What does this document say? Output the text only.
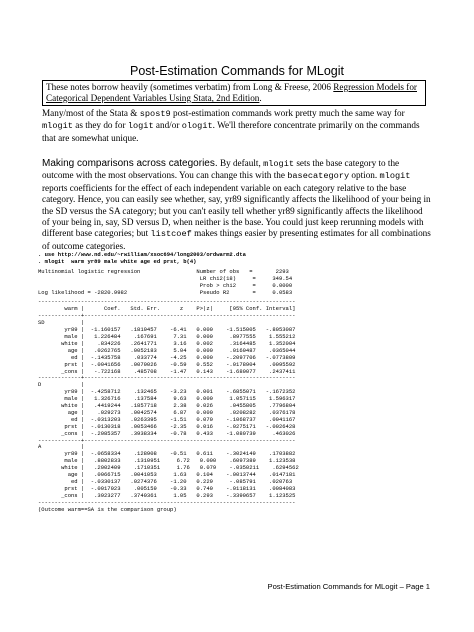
Post-Estimation Commands for MLogit
These notes borrow heavily (sometimes verbatim) from Long & Freese, 2006 Regression Models for Categorical Dependent Variables Using Stata, 2nd Edition.
Many/most of the Stata & spost9 post-estimation commands work pretty much the same way for mlogit as they do for logit and/or ologit. We'll therefore concentrate primarily on the commands that are somewhat unique.
Making comparisons across categories. By default, mlogit sets the base category to the outcome with the most observations. You can change this with the basecategory option. mlogit reports coefficients for the effect of each independent variable on each category relative to the base category. Hence, you can easily see whether, say, yr89 significantly affects the likelihood of your being in the SD versus the SA category; but you can't easily tell whether yr89 significantly affects the likelihood of your being in, say, SD versus D, when neither is the base. You could just keep rerunning models with different base categories; but listcoef makes things easier by presenting estimates for all combinations of outcome categories.
. use http://www.nd.edu/~rwilliam/xsoc694/long2003/ordwarm2.dta
. mlogit  warm yr89 male white age ed prst, b(4)
Multinomial logistic regression                 Number of obs   =       2293
LR chi2(18)     =     349.54
Prob > chi2     =     0.0000
Log likelihood = -2820.9982                      Pseudo R2       =     0.0583
------------------------------------------------------------------------------
warm |      Coef.   Std. Err.      z    P>|z|     [95% Conf. Interval]
-------------+----------------------------------------------------------------
SD           |
yr89 |  -1.160157   .1810457    -6.41   0.000    -1.515005   -.8053087
male |   1.226484    .167691     7.31   0.000     .8977555    1.555212
white |    .834226   .2641771     3.16   0.002     .3164485    1.352004
age |   .0262765   .0052183     5.04   0.000     .0160487    .0365044
ed |  -.1435758    .033774    -4.25   0.000    -.2097706   -.0773809
prst |  -.0041656   .0070026    -0.59   0.552    -.0178904    .0095592
_cons |   -.722168    .485708    -1.47   0.143    -1.680077    .2437411
-------------+----------------------------------------------------------------
D            |
yr89 |  -.4258712    .132465    -3.23   0.001    -.6855071   -.1672352
male |   1.326716    .137584     9.63   0.000     1.057115    1.596317
white |   .4419244   .1857718     2.38   0.026     .0455805    .7796804
age |    .029273   .0042574     6.87   0.000     .0208282    .0376178
ed |  -.0313203   .0263395    -1.51   0.070    -.1068737    .0041167
prst |  -.0130318   .0053466    -2.35   0.016    -.0275171   -.0026428
_cons |  -.2085357   .3938334    -0.78   0.433    -1.080739     .463026
-------------+----------------------------------------------------------------
A            |
yr89 |  -.0658334    .128908    -0.51   0.611    -.3024149    .1703882
male |   .8802833    .1310951     6.72   0.000    .6097389    1.123538
white |   .2002409    .1710351     1.76   0.079    -.0350211    .6294562
age |   .0066715   .0041053     1.63   0.104    -.0013744    .0147181
ed |  -.0330137   .0274376    -1.20   0.229     -.085791    .020763
prst |  -.0017023    .005159    -0.33   0.740    -.0118131    .0084083
_cons |   .3923277   .3740361     1.05   0.293    -.3390657    1.123525
------------------------------------------------------------------------------
(Outcome warm==SA is the comparison group)
Post-Estimation Commands for MLogit – Page 1
